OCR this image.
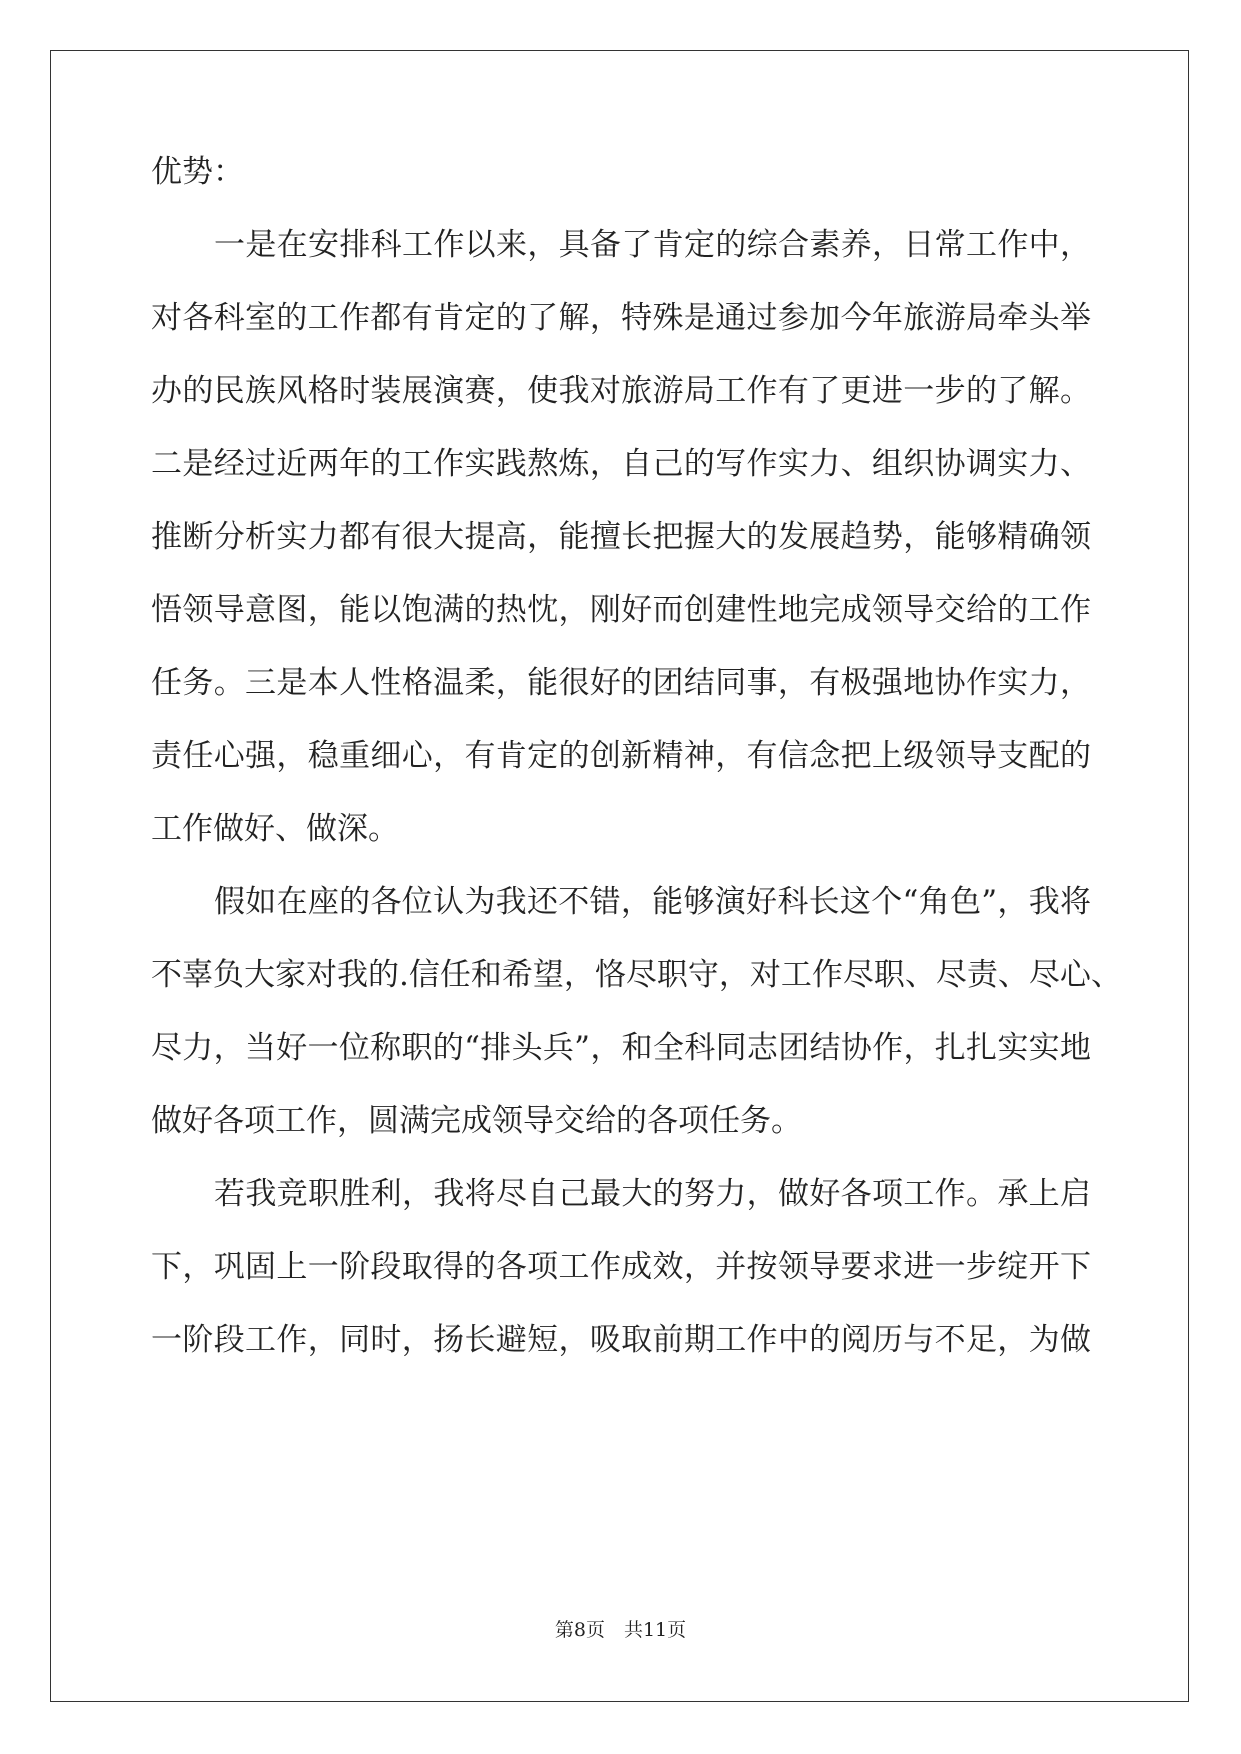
优势：
一是在安排科工作以来，具备了肯定的综合素养，日常工作中，
对各科室的工作都有肯定的了解，特殊是通过参加今年旅游局牵头举
办的民族风格时装展演赛，使我对旅游局工作有了更进一步的了解。
二是经过近两年的工作实践熬炼，自己的写作实力、组织协调实力、
推断分析实力都有很大提高，能擅长把握大的发展趋势，能够精确领
悟领导意图，能以饱满的热忱，刚好而创建性地完成领导交给的工作
任务。三是本人性格温柔，能很好的团结同事，有极强地协作实力，
责任心强，稳重细心，有肯定的创新精神，有信念把上级领导支配的
工作做好、做深。
假如在座的各位认为我还不错，能够演好科长这个“角色”，我将
不辜负大家对我的.信任和希望，恪尽职守，对工作尽职、尽责、尽心、
尽力，当好一位称职的“排头兵”，和全科同志团结协作，扎扎实实地
做好各项工作，圆满完成领导交给的各项任务。
若我竞职胜利，我将尽自己最大的努力，做好各项工作。承上启
下，巩固上一阶段取得的各项工作成效，并按领导要求进一步绽开下
一阶段工作，同时，扬长避短，吸取前期工作中的阅历与不足，为做
第8页　共11页
